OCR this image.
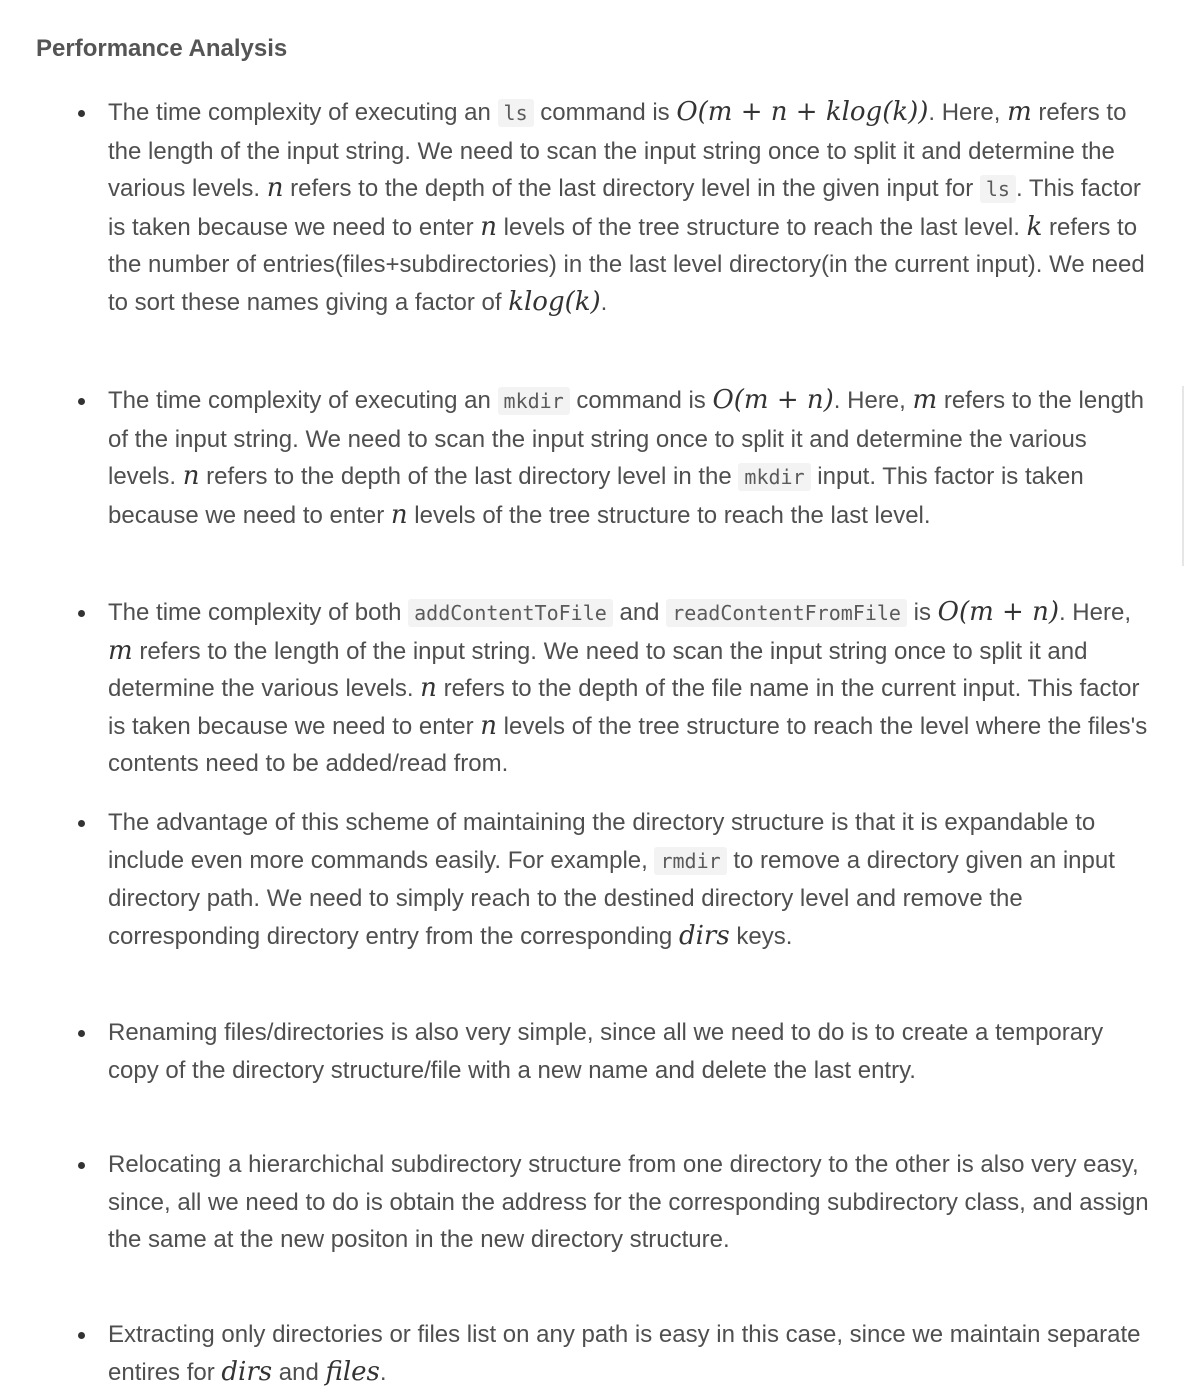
Performance Analysis
The time complexity of executing an ls command is O(m + n + klog(k)). Here, m refers to the length of the input string. We need to scan the input string once to split it and determine the various levels. n refers to the depth of the last directory level in the given input for ls . This factor is taken because we need to enter n levels of the tree structure to reach the last level. k refers to the number of entries(files+subdirectories) in the last level directory(in the current input). We need to sort these names giving a factor of klog(k).
The time complexity of executing an mkdir command is O(m + n). Here, m refers to the length of the input string. We need to scan the input string once to split it and determine the various levels. n refers to the depth of the last directory level in the mkdir input. This factor is taken because we need to enter n levels of the tree structure to reach the last level.
The time complexity of both addContentToFile and readContentFromFile is O(m + n). Here, m refers to the length of the input string. We need to scan the input string once to split it and determine the various levels. n refers to the depth of the file name in the current input. This factor is taken because we need to enter n levels of the tree structure to reach the level where the files's contents need to be added/read from.
The advantage of this scheme of maintaining the directory structure is that it is expandable to include even more commands easily. For example, rmdir to remove a directory given an input directory path. We need to simply reach to the destined directory level and remove the corresponding directory entry from the corresponding dirs keys.
Renaming files/directories is also very simple, since all we need to do is to create a temporary copy of the directory structure/file with a new name and delete the last entry.
Relocating a hierarchichal subdirectory structure from one directory to the other is also very easy, since, all we need to do is obtain the address for the corresponding subdirectory class, and assign the same at the new positon in the new directory structure.
Extracting only directories or files list on any path is easy in this case, since we maintain separate entires for dirs and files.
